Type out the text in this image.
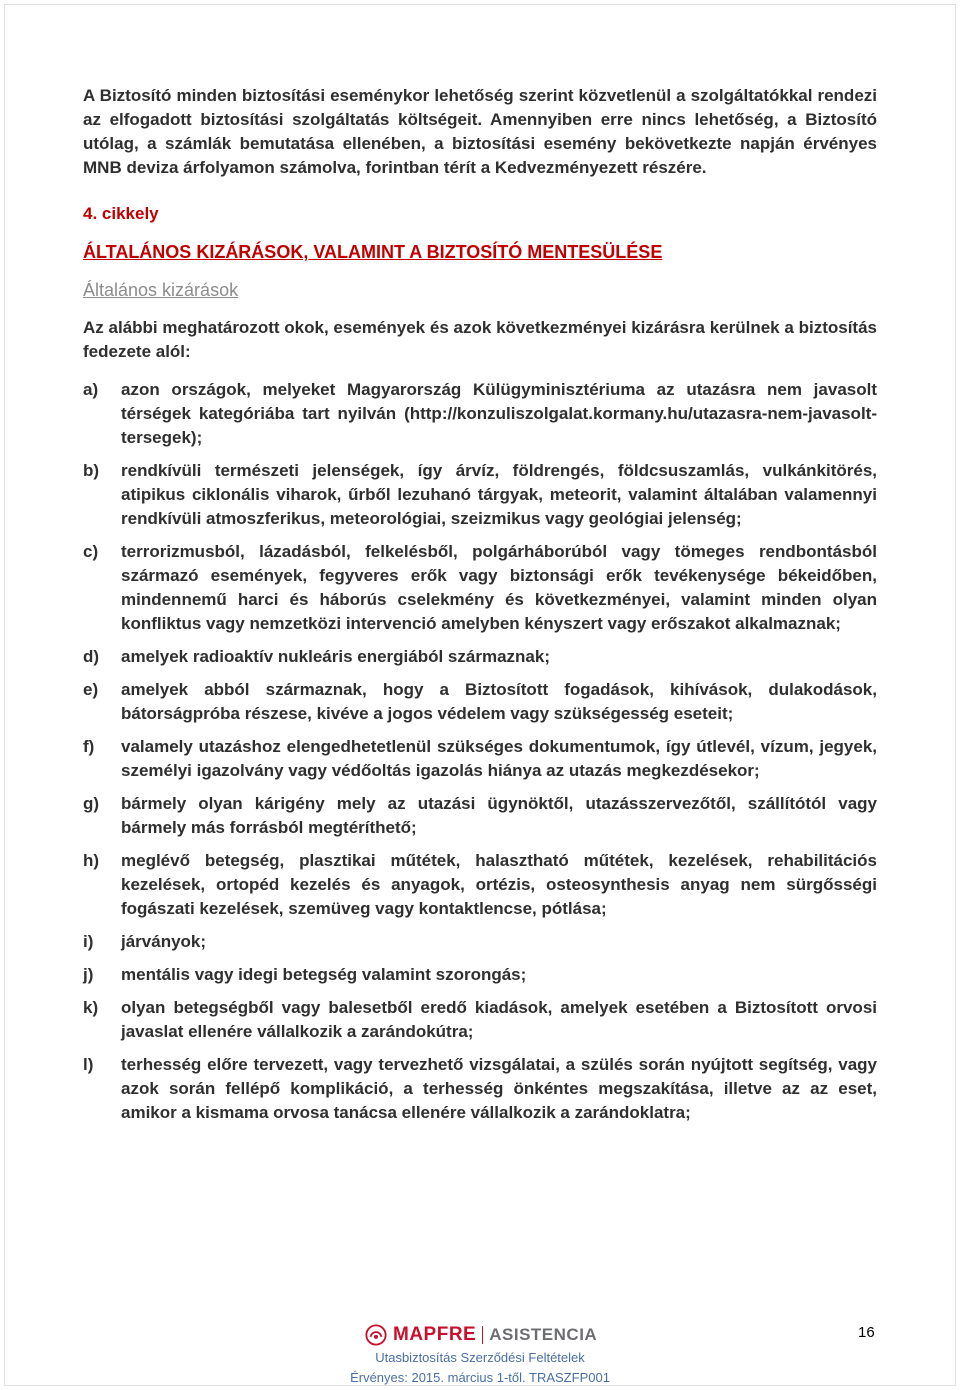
A Biztosító minden biztosítási eseménykor lehetőség szerint közvetlenül a szolgáltatókkal rendezi az elfogadott biztosítási szolgáltatás költségeit. Amennyiben erre nincs lehetőség, a Biztosító utólag, a számlák bemutatása ellenében, a biztosítási esemény bekövetkezte napján érvényes MNB deviza árfolyamon számolva, forintban térít a Kedvezményezett részére.

4. cikkely

ÁLTALÁNOS KIZÁRÁSOK, VALAMINT A BIZTOSÍTÓ MENTESÜLÉSE

Általános kizárások

Az alábbi meghatározott okok, események és azok következményei kizárásra kerülnek a biztosítás fedezete alól:

a)	azon országok, melyeket Magyarország Külügyminisztériuma az utazásra nem javasolt térségek kategóriába tart nyilván (http://konzuliszolgalat.kormany.hu/utazasra-nem-javasolt-tersegek);
b)	rendkívüli természeti jelenségek, így árvíz, földrengés, földcsuszamlás, vulkánkitörés, atipikus ciklonális viharok, űrből lezuhanó tárgyak, meteorit, valamint általában valamennyi rendkívüli atmoszferikus, meteorológiai, szeizmikus vagy geológiai jelenség;
c)	terrorizmusból, lázadásból, felkelésből, polgárháborúból vagy tömeges rendbontásból származó események, fegyveres erők vagy biztonsági erők tevékenysége békeidőben, mindennemű harci és háborús cselekmény és következményei, valamint minden olyan konfliktus vagy nemzetközi intervenció amelyben kényszert vagy erőszakot alkalmaznak;
d)	amelyek radioaktív nukleáris energiából származnak;
e)	amelyek abból származnak, hogy a Biztosított fogadások, kihívások, dulakodások, bátorságpróba részese, kivéve a jogos védelem vagy szükségesség eseteit;
f)	valamely utazáshoz elengedhetetlenül szükséges dokumentumok, így útlevél, vízum, jegyek, személyi igazolvány vagy védőoltás igazolás hiánya az utazás megkezdésekor;
g)	bármely olyan kárigény mely az utazási ügynöktől, utazásszervezőtől, szállítótól vagy bármely más forrásból megtéríthető;
h)	meglévő betegség, plasztikai műtétek, halasztható műtétek, kezelések, rehabilitációs kezelések, ortopéd kezelés és anyagok, ortézis, osteosynthesis anyag nem sürgősségi fogászati kezelések, szemüveg vagy kontaktlencse, pótlása;
i)	járványok;
j)	mentális vagy idegi betegség valamint szorongás;
k)	olyan betegségből vagy balesetből eredő kiadások, amelyek esetében a Biztosított orvosi javaslat ellenére vállalkozik a zarándokútra;
l)	terhesség előre tervezett, vagy tervezhető vizsgálatai, a szülés során nyújtott segítség, vagy azok során fellépő komplikáció, a terhesség önkéntes megszakítása, illetve az az eset, amikor a kismama orvosa tanácsa ellenére vállalkozik a zarándoklatra;
MAPFRE ASISTENCIA	16
Utasbiztosítás Szerződési Feltételek
Érvényes: 2015. március 1-től. TRASZFP001
